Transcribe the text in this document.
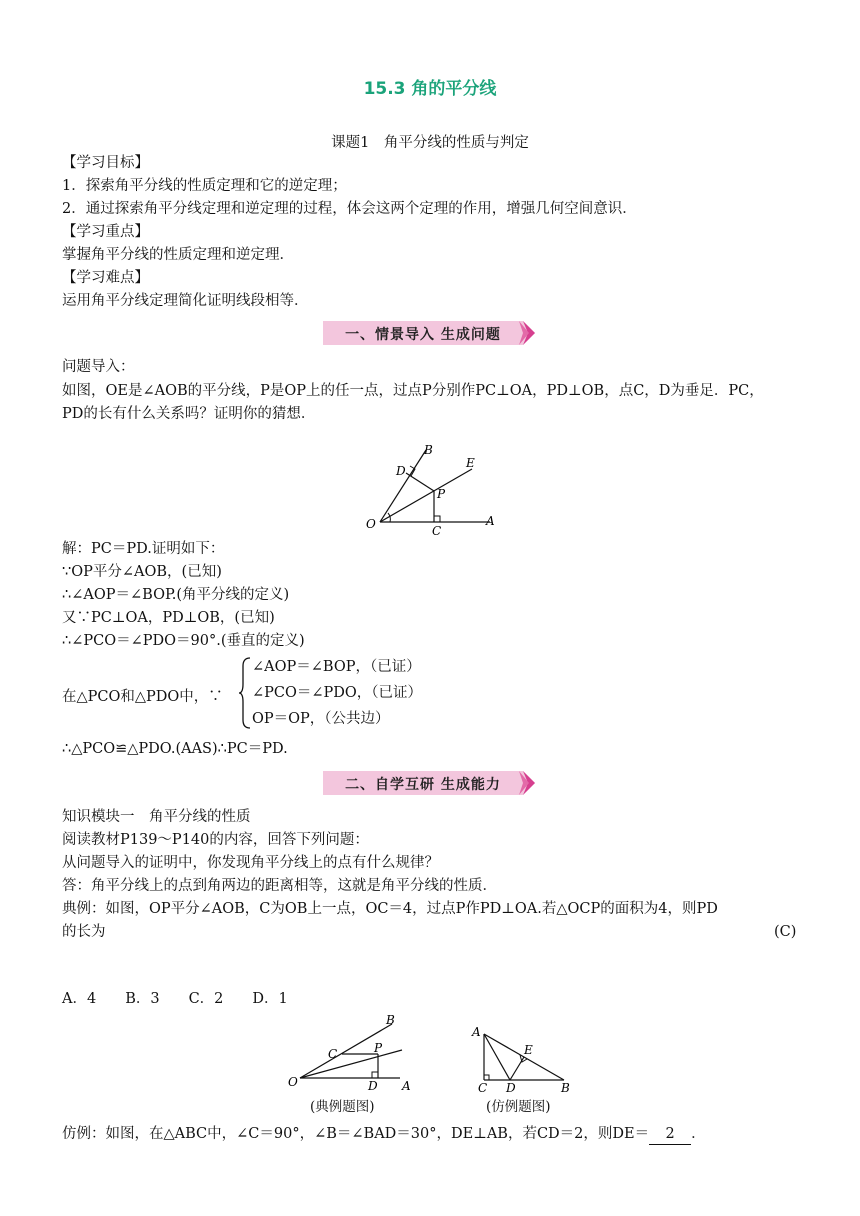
15.3 角的平分线
课题1　角平分线的性质与判定
【学习目标】
1．探索角平分线的性质定理和它的逆定理；
2．通过探索角平分线定理和逆定理的过程，体会这两个定理的作用，增强几何空间意识．
【学习重点】
掌握角平分线的性质定理和逆定理．
【学习难点】
运用角平分线定理简化证明线段相等．
一、情景导入 生成问题
问题导入：
如图，OE是∠AOB的平分线，P是OP上的任一点，过点P分别作PC⊥OA，PD⊥OB，点C，D为垂足．PC，
PD的长有什么关系吗？证明你的猜想．
O	A
B
C
D
E
P
解：PC＝PD.证明如下：
∵OP平分∠AOB，(已知)
∴∠AOP＝∠BOP.(角平分线的定义)
又∵PC⊥OA，PD⊥OB，(已知)
∴∠PCO＝∠PDO＝90°.(垂直的定义)
在△PCO和△PDO中，∵
∠AOP＝∠BOP，（已证）
∠PCO＝∠PDO，（已证）
OP＝OP，（公共边）
∴△PCO≌△PDO.(AAS)∴PC＝PD.
二、自学互研 生成能力
知识模块一　角平分线的性质
阅读教材P139～P140的内容，回答下列问题：
从问题导入的证明中，你发现角平分线上的点有什么规律？
答：角平分线上的点到角两边的距离相等，这就是角平分线的性质．
典例：如图，OP平分∠AOB，C为OB上一点，OC＝4，过点P作PD⊥OA.若△OCP的面积为4，则PD
的长为	(C)
A．4　　B．3　　C．2　　D．1
O	A
B
C
D
P
(典例题图)
A
B
C D
E
(仿例题图)
仿例：如图，在△ABC中，∠C＝90°，∠B＝∠BAD＝30°，DE⊥AB，若CD＝2，则DE＝ 2 ．
